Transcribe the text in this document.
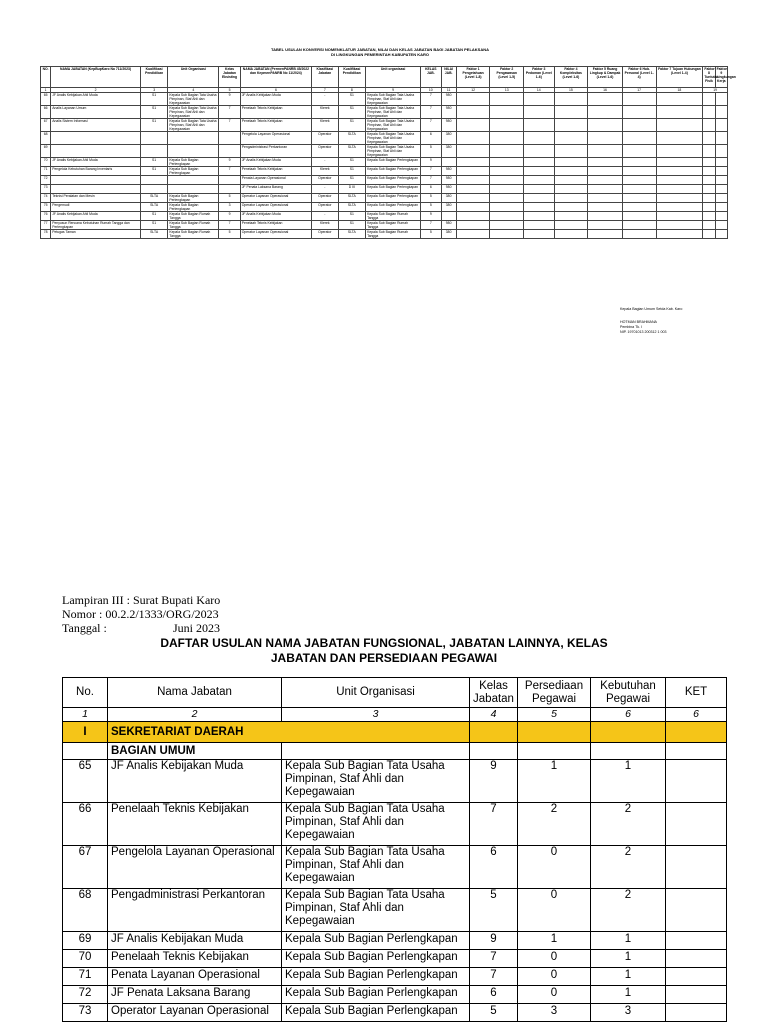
TABEL USULAN KONVERSI NOMENKLATUR JABATAN, NILAI DAN KELAS JABATAN BAGI JABATAN PELAKSANA
DI LINGKUNGAN PEMERINTAH KABUPATEN KARO
NO.	NAMA JABATAN (KepBupKaro No 711/2023)	Kualifikasi Pendidikan	Unit Organisasi	Kelas Jabatan Eksisting	NAMA JABATAN (PermenPANRB 45/2022 dan KepmenPANRB No 11/2024)	Klasifikasi Jabatan	Kualifikasi Pendidikan	Unit organisasi	KELAS JAB.	NILAI JAB.	Faktor 1 Pengetahuan (Level 1-8)	Faktor 2 Pengawasan (Level 1-5)	Faktor 3 Pedoman (Level 1-6)	Faktor 4 Kompleksitas (Level 1-6)	Faktor 5 Ruang Lingkup & Dampak (Level 1-6)	Faktor 6 Hub. Personal (Level 1-4)	Faktor 7 Tujuan Hubungan (Level 1-4)	Faktor 8 Tuntutan Fisik	Faktor 9 Lingkungan Kerja
1	2	3	4	5	6	7	8	9	10	11	12	13	14	15	16	17	18	19	
65	JF Analis Kebijakan Ahli Muda	S1	Kepala Sub Bagian Tata Usaha Pimpinan, Staf Ahli dan Kepegawaian	9	JF Analis Kebijakan Muda	-	S1	Kepala Sub Bagian Tata Usaha Pimpinan, Staf Ahli dan Kepegawaian	7	980									
66	Analis Layanan Umum	S1	Kepala Sub Bagian Tata Usaha Pimpinan, Staf Ahli dan Kepegawaian	7	Penelaah Teknis Kebijakan	Klerek	S1	Kepala Sub Bagian Tata Usaha Pimpinan, Staf Ahli dan Kepegawaian	7	980									
67	Analis Sistem Informasi	S1	Kepala Sub Bagian Tata Usaha Pimpinan, Staf Ahli dan Kepegawaian	7	Penelaah Teknis Kebijakan	Klerek	S1	Kepala Sub Bagian Tata Usaha Pimpinan, Staf Ahli dan Kepegawaian	7	980									
68					Pengelola Layanan Operasional	Operator	SLTA	Kepala Sub Bagian Tata Usaha Pimpinan, Staf Ahli dan Kepegawaian	6	380									
69					Pengadministrasi Perkantoran	Operator	SLTA	Kepala Sub Bagian Tata Usaha Pimpinan, Staf Ahli dan Kepegawaian	5	380									
70	JF Analis Kebijakan Ahli Muda	S1	Kepala Sub Bagian Perlengkapan	9	JF Analis Kebijakan Muda	-	S1	Kepala Sub Bagian Perlengkapan	9										
71	Pengelola Kebutuhan Barang Inventaris	S1	Kepala Sub Bagian Perlengkapan	7	Penelaah Teknis Kebijakan	Klerek	S1	Kepala Sub Bagian Perlengkapan	7	980									
72					Penata Layanan Operasional	Operator	S1	Kepala Sub Bagian Perlengkapan	7	980									
73					JF Penata Laksana Barang	-	D III	Kepala Sub Bagian Perlengkapan	6	980									
74	Teknisi Peralatan dan Mesin	SLTA	Kepala Sub Bagian Perlengkapan	5	Operator Layanan Operasional	Operator	SLTA	Kepala Sub Bagian Perlengkapan	5	380									
75	Pengemudi	SLTA	Kepala Sub Bagian Perlengkapan	3	Operator Layanan Operasional	Operator	SLTA	Kepala Sub Bagian Perlengkapan	5	380									
76	JF Analis Kebijakan Ahli Muda	S1	Kepala Sub Bagian Rumah Tangga	9	JF Analis Kebijakan Muda	-	S1	Kepala Sub Bagian Rumah Tangga	9										
77	Penyusun Rencana Kebutuhan Rumah Tangga dan Perlengkapan	S1	Kepala Sub Bagian Rumah Tangga	7	Penelaah Teknis Kebijakan	Klerek	S1	Kepala Sub Bagian Rumah Tangga	7	980									
78	Petugas Taman	SLTA	Kepala Sub Bagian Rumah Tangga	5	Operator Layanan Operasional	Operator	SLTA	Kepala Sub Bagian Rumah Tangga	5	380									
Kepala Bagian Umum Setda Kab. Karo
HOTMAN BRAHMANA
Pembina Tk. I
NIP. 19701013 200312 1 003
Lampiran III : Surat Bupati Karo
Nomor : 00.2.2/1333/ORG/2023
Tanggal :	Juni 2023
DAFTAR USULAN NAMA JABATAN FUNGSIONAL, JABATAN LAINNYA, KELAS
JABATAN DAN PERSEDIAAN PEGAWAI
No.	Nama Jabatan	Unit Organisasi	Kelas Jabatan	Persediaan Pegawai	Kebutuhan Pegawai	KET
1	2	3	4	5	6	6
I	SEKRETARIAT DAERAH					
	BAGIAN UMUM					
65	JF Analis Kebijakan Muda	Kepala Sub Bagian Tata Usaha Pimpinan, Staf Ahli dan Kepegawaian	9	1	1	
66	Penelaah Teknis Kebijakan	Kepala Sub Bagian Tata Usaha Pimpinan, Staf Ahli dan Kepegawaian	7	2	2	
67	Pengelola Layanan Operasional	Kepala Sub Bagian Tata Usaha Pimpinan, Staf Ahli dan Kepegawaian	6	0	2	
68	Pengadministrasi Perkantoran	Kepala Sub Bagian Tata Usaha Pimpinan, Staf Ahli dan Kepegawaian	5	0	2	
69	JF Analis Kebijakan Muda	Kepala Sub Bagian Perlengkapan	9	1	1	
70	Penelaah Teknis Kebijakan	Kepala Sub Bagian Perlengkapan	7	0	1	
71	Penata Layanan Operasional	Kepala Sub Bagian Perlengkapan	7	0	1	
72	JF Penata Laksana Barang	Kepala Sub Bagian Perlengkapan	6	0	1	
73	Operator Layanan Operasional	Kepala Sub Bagian Perlengkapan	5	3	3	
